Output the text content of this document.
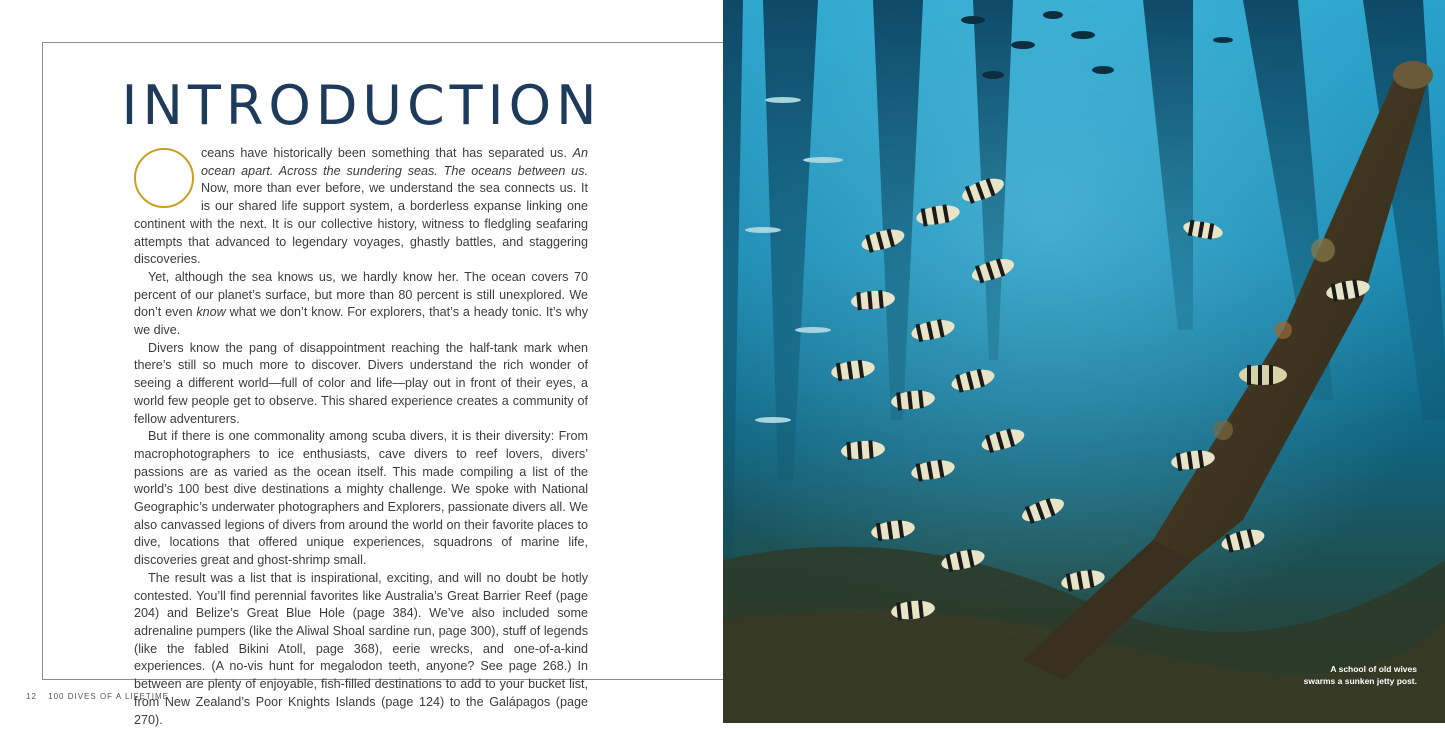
INTRODUCTION

ceans have historically been something that has separated us. An ocean apart. Across the sundering seas. The oceans between us. Now, more than ever before, we understand the sea connects us. It is our shared life support system, a borderless expanse linking one continent with the next. It is our collective history, witness to fledgling seafaring attempts that advanced to legendary voyages, ghastly battles, and staggering discoveries.

Yet, although the sea knows us, we hardly know her. The ocean covers 70 percent of our planet’s surface, but more than 80 percent is still unexplored. We don’t even know what we don’t know. For explorers, that’s a heady tonic. It’s why we dive.

Divers know the pang of disappointment reaching the half-tank mark when there’s still so much more to discover. Divers understand the rich wonder of seeing a different world—full of color and life—play out in front of their eyes, a world few people get to observe. This shared experience creates a community of fellow adventurers.

But if there is one commonality among scuba divers, it is their diversity: From macrophotographers to ice enthusiasts, cave divers to reef lovers, divers’ passions are as varied as the ocean itself. This made compiling a list of the world’s 100 best dive destinations a mighty challenge. We spoke with National Geographic’s underwater photographers and Explorers, passionate divers all. We also canvassed legions of divers from around the world on their favorite places to dive, locations that offered unique experiences, squadrons of marine life, discoveries great and ghost-shrimp small.

The result was a list that is inspirational, exciting, and will no doubt be hotly contested. You’ll find perennial favorites like Australia’s Great Barrier Reef (page 204) and Belize’s Great Blue Hole (page 384). We’ve also included some adrenaline pumpers (like the Aliwal Shoal sardine run, page 300), stuff of legends (like the fabled Bikini Atoll, page 368), eerie wrecks, and one-of-a-kind experiences. (A no-vis hunt for megalodon teeth, anyone? See page 268.) In between are plenty of enjoyable, fish-filled destinations to add to your bucket list, from New Zealand’s Poor Knights Islands (page 124) to the Galápagos (page 270).

12 100 DIVES OF A LIFETIME
A school of old wives
swarms a sunken jetty post.
